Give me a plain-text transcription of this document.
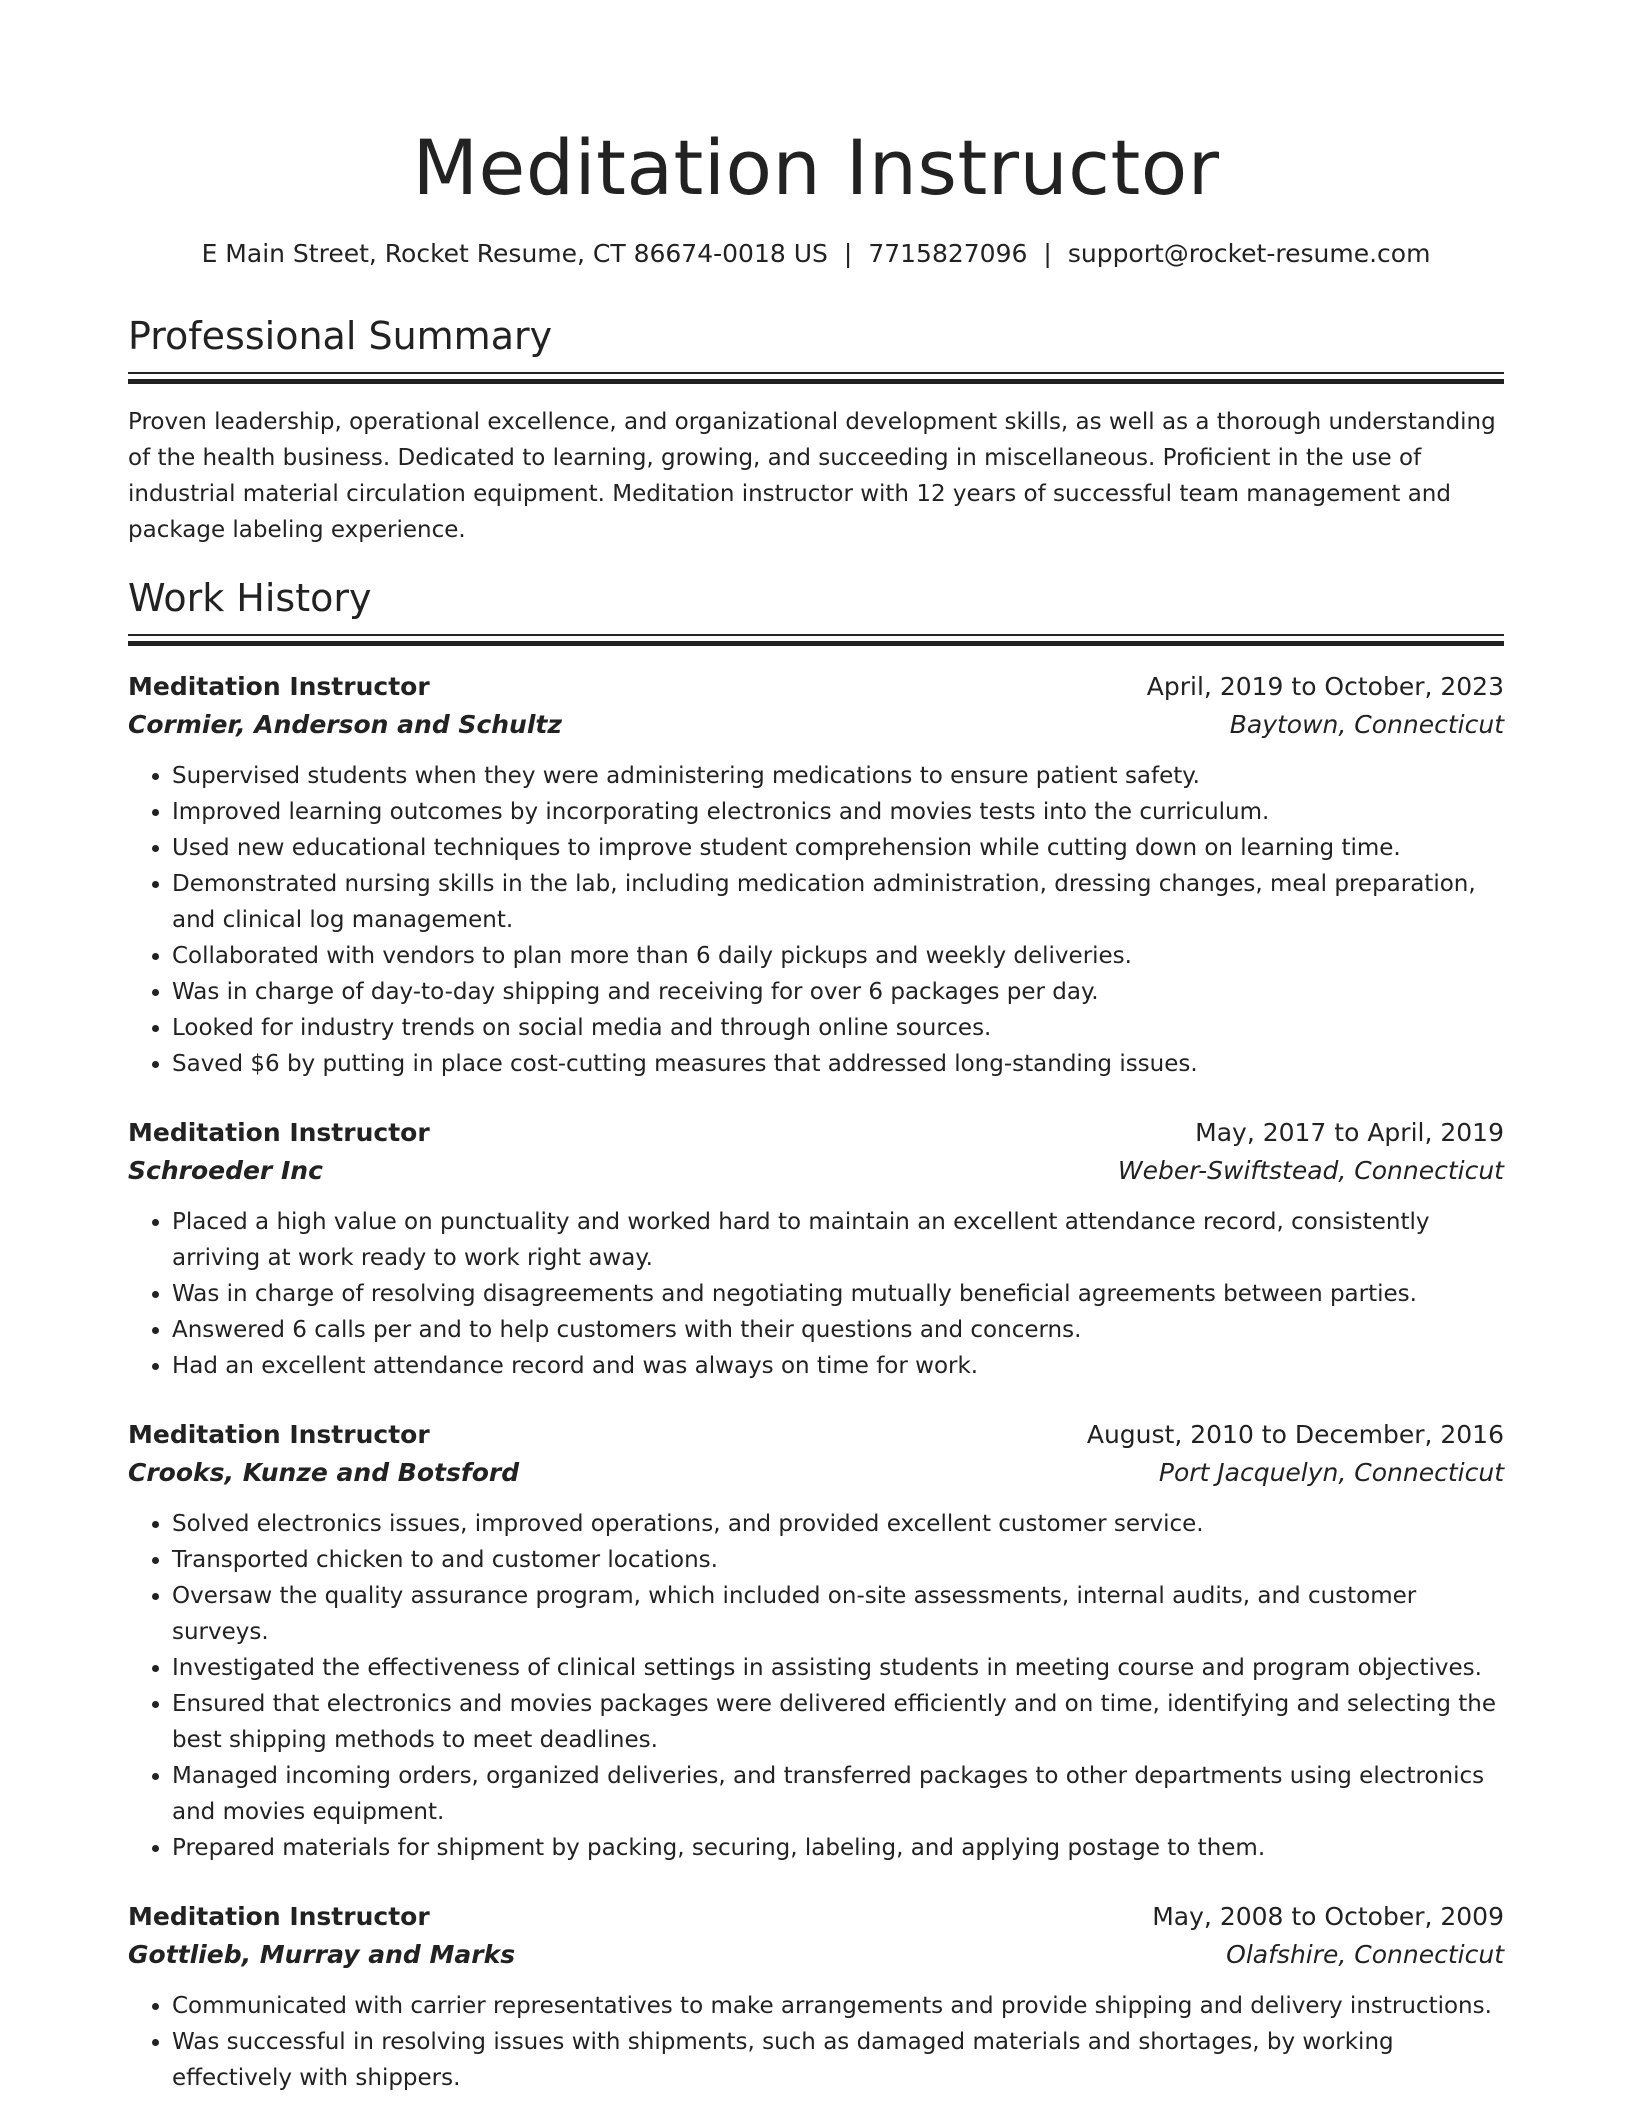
Meditation Instructor
E Main Street, Rocket Resume, CT 86674-0018 US | 7715827096 | support@rocket-resume.com
Professional Summary

Proven leadership, operational excellence, and organizational development skills, as well as a thorough understanding of the health business. Dedicated to learning, growing, and succeeding in miscellaneous. Proficient in the use of industrial material circulation equipment. Meditation instructor with 12 years of successful team management and package labeling experience.

Work History
Meditation Instructor	April, 2019 to October, 2023
Cormier, Anderson and Schultz	Baytown, Connecticut
• Supervised students when they were administering medications to ensure patient safety.
• Improved learning outcomes by incorporating electronics and movies tests into the curriculum.
• Used new educational techniques to improve student comprehension while cutting down on learning time.
• Demonstrated nursing skills in the lab, including medication administration, dressing changes, meal preparation, and clinical log management.
• Collaborated with vendors to plan more than 6 daily pickups and weekly deliveries.
• Was in charge of day-to-day shipping and receiving for over 6 packages per day.
• Looked for industry trends on social media and through online sources.
• Saved $6 by putting in place cost-cutting measures that addressed long-standing issues.
Meditation Instructor	May, 2017 to April, 2019
Schroeder Inc	Weber-Swiftstead, Connecticut
• Placed a high value on punctuality and worked hard to maintain an excellent attendance record, consistently arriving at work ready to work right away.
• Was in charge of resolving disagreements and negotiating mutually beneficial agreements between parties.
• Answered 6 calls per and to help customers with their questions and concerns.
• Had an excellent attendance record and was always on time for work.
Meditation Instructor	August, 2010 to December, 2016
Crooks, Kunze and Botsford	Port Jacquelyn, Connecticut
• Solved electronics issues, improved operations, and provided excellent customer service.
• Transported chicken to and customer locations.
• Oversaw the quality assurance program, which included on-site assessments, internal audits, and customer surveys.
• Investigated the effectiveness of clinical settings in assisting students in meeting course and program objectives.
• Ensured that electronics and movies packages were delivered efficiently and on time, identifying and selecting the best shipping methods to meet deadlines.
• Managed incoming orders, organized deliveries, and transferred packages to other departments using electronics and movies equipment.
• Prepared materials for shipment by packing, securing, labeling, and applying postage to them.
Meditation Instructor	May, 2008 to October, 2009
Gottlieb, Murray and Marks	Olafshire, Connecticut
• Communicated with carrier representatives to make arrangements and provide shipping and delivery instructions.
• Was successful in resolving issues with shipments, such as damaged materials and shortages, by working effectively with shippers.
